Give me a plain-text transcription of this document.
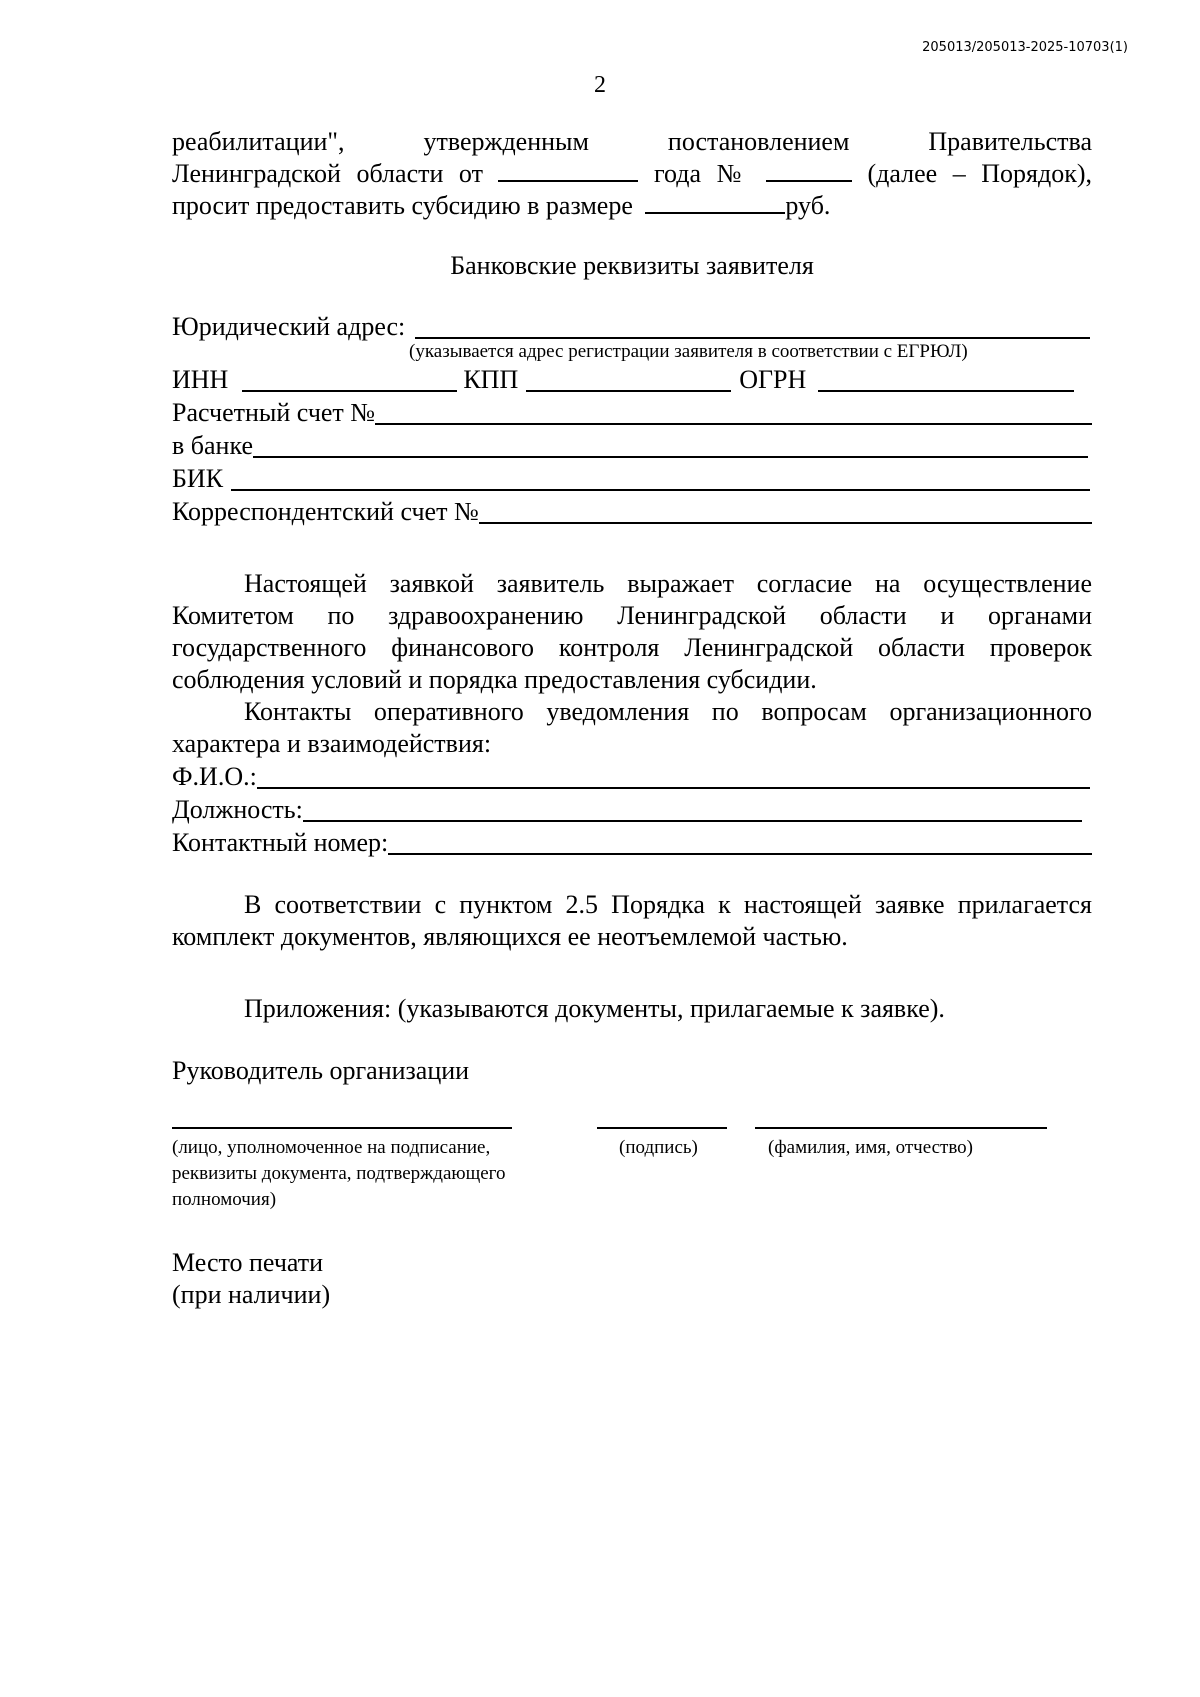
205013/205013-2025-10703(1)
2
реабилитации", утвержденным постановлением Правительства
Ленинградской области от	года №	(далее – Порядок),
просит предоставить субсидию в размере	руб.
Банковские реквизиты заявителя
Юридический адрес:
(указывается адрес регистрации заявителя в соответствии с ЕГРЮЛ)
ИНН	КПП	ОГРН
Расчетный счет №
в банке
БИК
Корреспондентский счет №
Настоящей заявкой заявитель выражает согласие на осуществление Комитетом по здравоохранению Ленинградской области и органами государственного финансового контроля Ленинградской области проверок соблюдения условий и порядка предоставления субсидии.
Контакты оперативного уведомления по вопросам организационного характера и взаимодействия:
Ф.И.О.:
Должность:
Контактный номер:
В соответствии с пунктом 2.5 Порядка к настоящей заявке прилагается комплект документов, являющихся ее неотъемлемой частью.
Приложения: (указываются документы, прилагаемые к заявке).
Руководитель организации
(лицо, уполномоченное на подписание, реквизиты документа, подтверждающего полномочия)
(подпись)	(фамилия, имя, отчество)
Место печати
(при наличии)
